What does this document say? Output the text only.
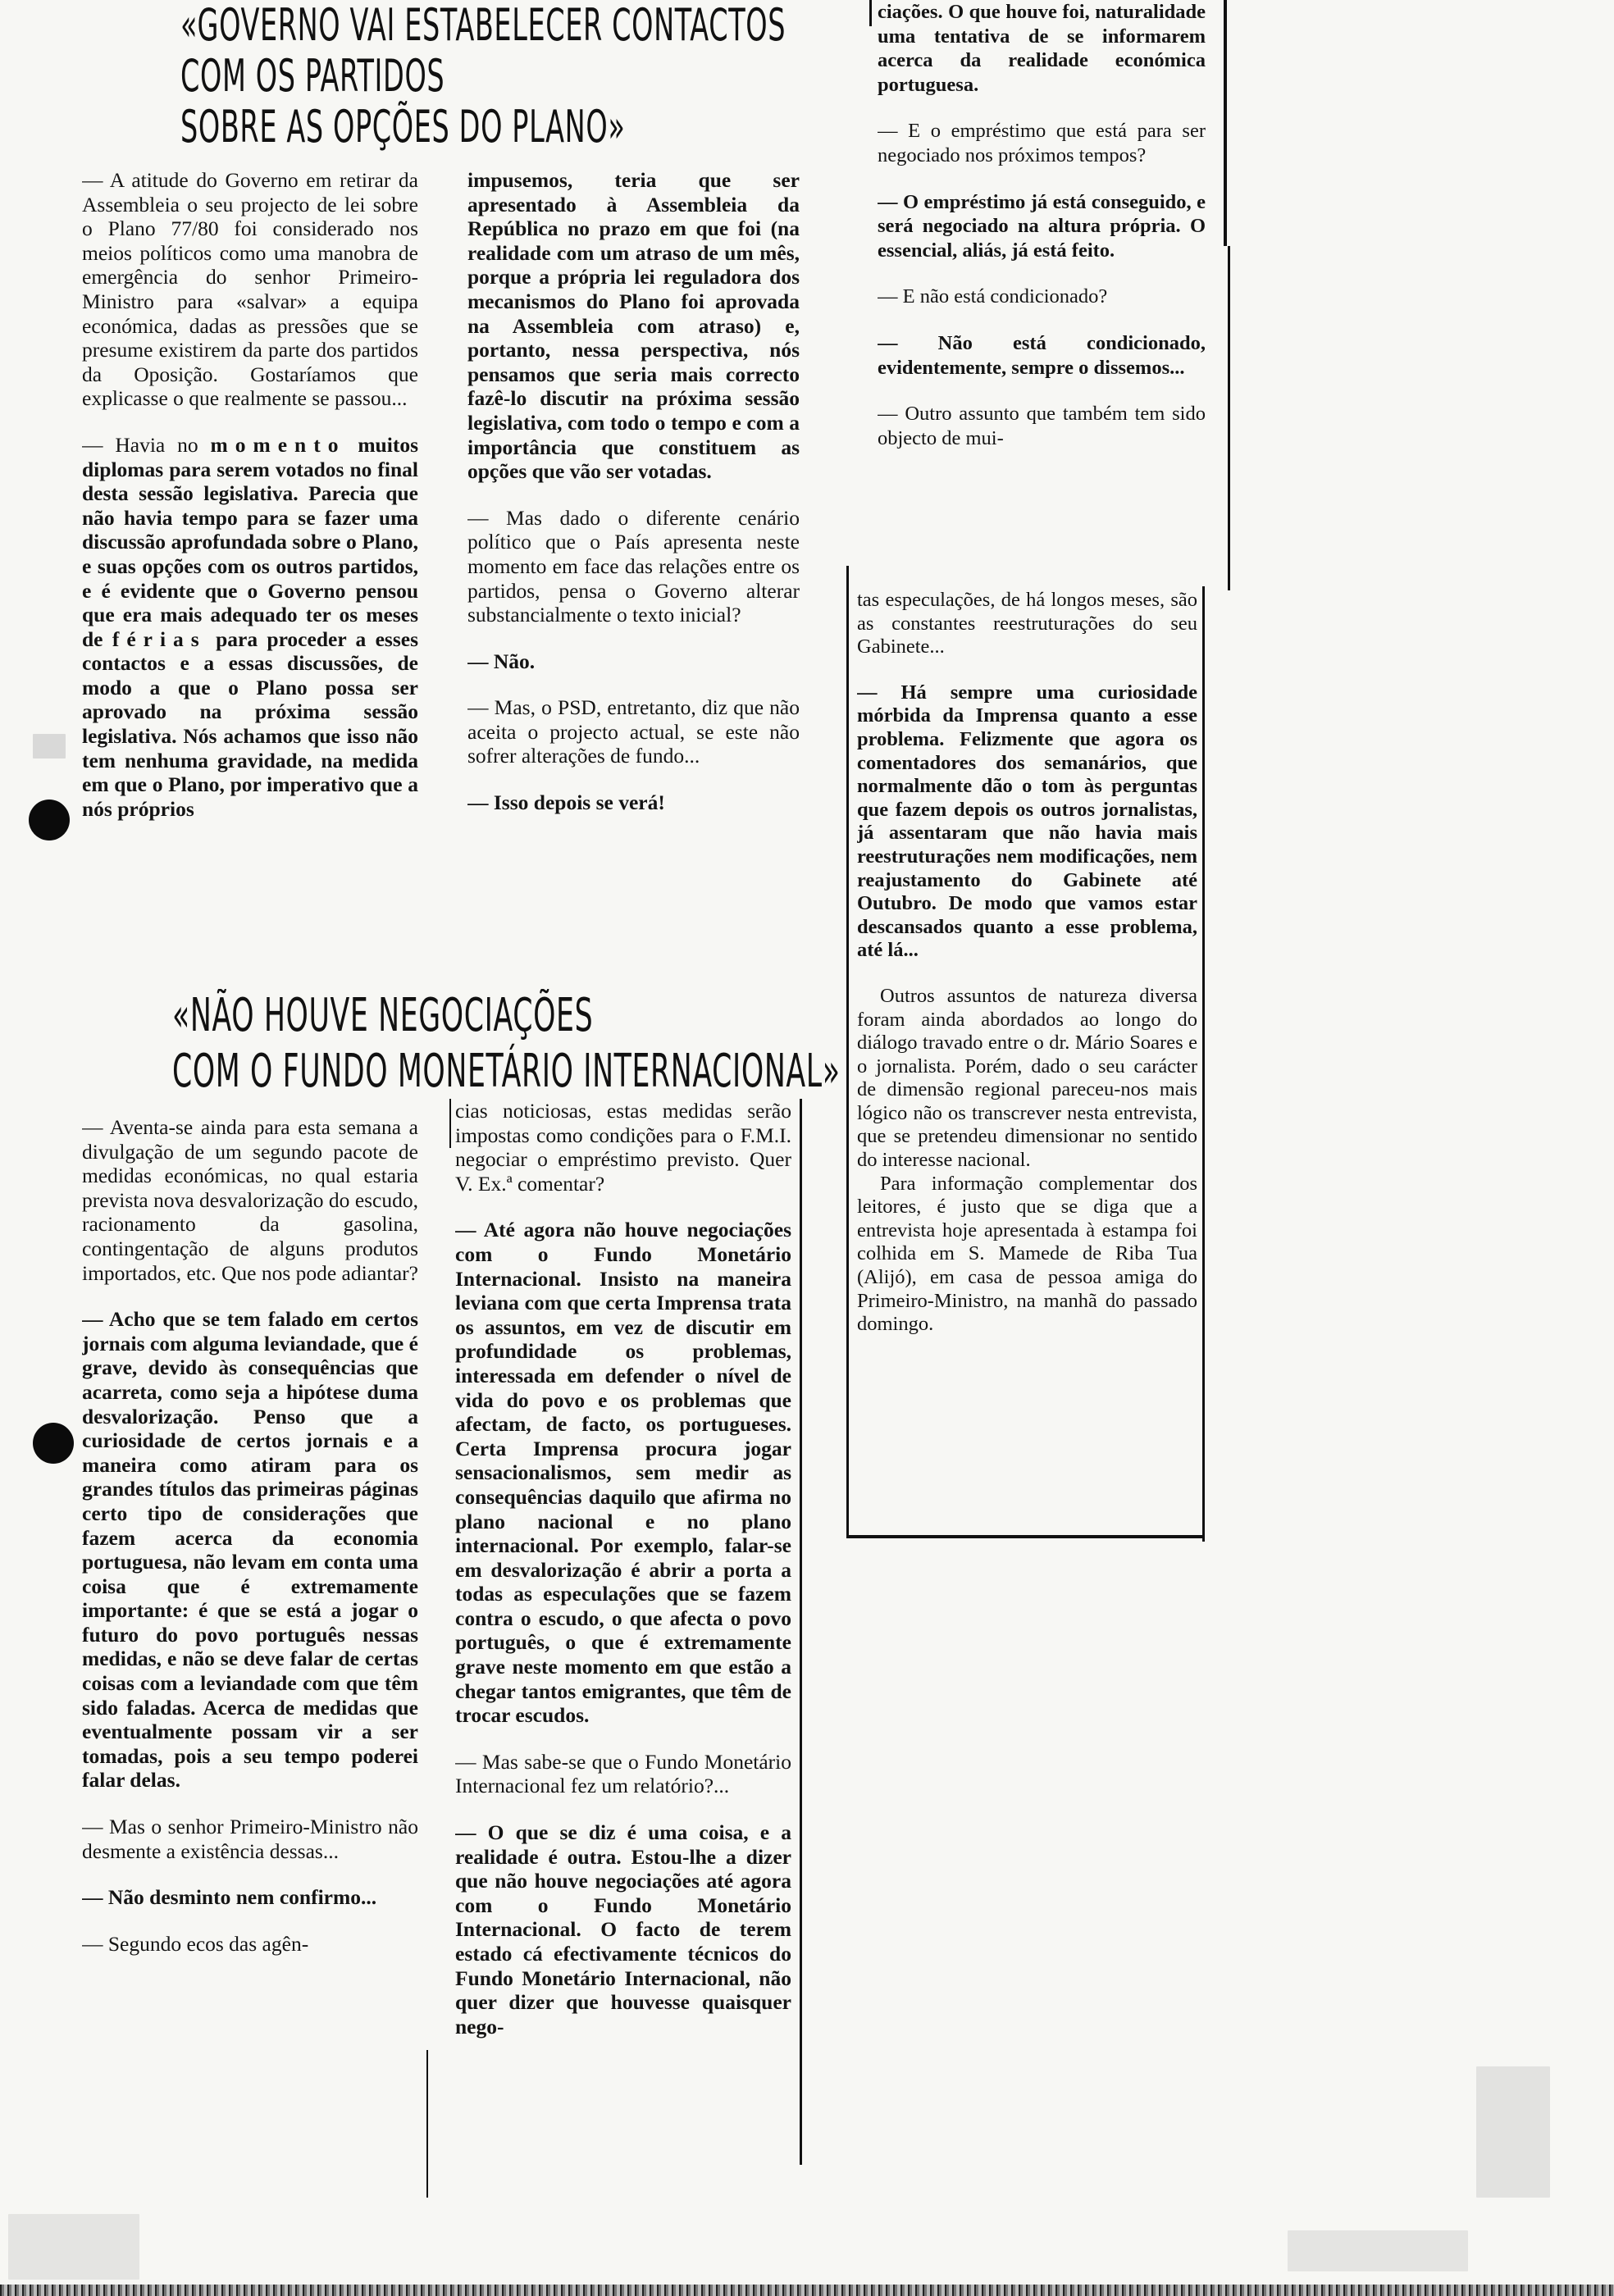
«GOVERNO VAI ESTABELECER CONTACTOS
COM OS PARTIDOS
SOBRE AS OPÇÕES DO PLANO»

— A atitude do Governo em retirar da Assembleia o seu projecto de lei sobre o Plano 77/80 foi considerado nos meios políticos como uma manobra de emergência do senhor Primeiro-Ministro para «salvar» a equipa económica, dadas as pressões que se presume existirem da parte dos partidos da Oposição. Gostaríamos que explicasse o que realmente se passou...

— Havia no momento muitos diplomas para serem votados no final desta sessão legislativa. Parecia que não havia tempo para se fazer uma discussão aprofundada sobre o Plano, e suas opções com os outros partidos, e é evidente que o Governo pensou que era mais adequado ter os meses de férias para proceder a esses contactos e a essas discussões, de modo a que o Plano possa ser aprovado na próxima sessão legislativa. Nós achamos que isso não tem nenhuma gravidade, na medida em que o Plano, por imperativo que a nós próprios

impusemos, teria que ser apresentado à Assembleia da República no prazo em que foi (na realidade com um atraso de um mês, porque a própria lei reguladora dos mecanismos do Plano foi aprovada na Assembleia com atraso) e, portanto, nessa perspectiva, nós pensamos que seria mais correcto fazê-lo discutir na próxima sessão legislativa, com todo o tempo e com a importância que constituem as opções que vão ser votadas.

— Mas dado o diferente cenário político que o País apresenta neste momento em face das relações entre os partidos, pensa o Governo alterar substancialmente o texto inicial?

— Não.

— Mas, o PSD, entretanto, diz que não aceita o projecto actual, se este não sofrer alterações de fundo...

— Isso depois se verá!

«NÃO HOUVE NEGOCIAÇÕES
COM O FUNDO MONETÁRIO INTERNACIONAL»

— Aventa-se ainda para esta semana a divulgação de um segundo pacote de medidas económicas, no qual estaria prevista nova desvalorização do escudo, racionamento da gasolina, contingentação de alguns produtos importados, etc. Que nos pode adiantar?

— Acho que se tem falado em certos jornais com alguma leviandade, que é grave, devido às consequências que acarreta, como seja a hipótese duma desvalorização. Penso que a curiosidade de certos jornais e a maneira como atiram para os grandes títulos das primeiras páginas certo tipo de considerações que fazem acerca da economia portuguesa, não levam em conta uma coisa que é extremamente importante: é que se está a jogar o futuro do povo português nessas medidas, e não se deve falar de certas coisas com a leviandade com que têm sido faladas. Acerca de medidas que eventualmente possam vir a ser tomadas, pois a seu tempo poderei falar delas.

— Mas o senhor Primeiro-Ministro não desmente a existência dessas...

— Não desminto nem confirmo...

— Segundo ecos das agên-

cias noticiosas, estas medidas serão impostas como condições para o F.M.I. negociar o empréstimo previsto. Quer V. Ex.ª comentar?

— Até agora não houve negociações com o Fundo Monetário Internacional. Insisto na maneira leviana com que certa Imprensa trata os assuntos, em vez de discutir em profundidade os problemas, interessada em defender o nível de vida do povo e os problemas que afectam, de facto, os portugueses. Certa Imprensa procura jogar sensacionalismos, sem medir as consequências daquilo que afirma no plano nacional e no plano internacional. Por exemplo, falar-se em desvalorização é abrir a porta a todas as especulações que se fazem contra o escudo, o que afecta o povo português, o que é extremamente grave neste momento em que estão a chegar tantos emigrantes, que têm de trocar escudos.

— Mas sabe-se que o Fundo Monetário Internacional fez um relatório?...

— O que se diz é uma coisa, e a realidade é outra. Estou-lhe a dizer que não houve negociações até agora com o Fundo Monetário Internacional. O facto de terem estado cá efectivamente técnicos do Fundo Monetário Internacional, não quer dizer que houvesse quaisquer nego-

ciações. O que houve foi, naturalidade uma tentativa de se informarem acerca da realidade económica portuguesa.

— E o empréstimo que está para ser negociado nos próximos tempos?

— O empréstimo já está conseguido, e será negociado na altura própria. O essencial, aliás, já está feito.

— E não está condicionado?

— Não está condicionado, evidentemente, sempre o dissemos...

— Outro assunto que também tem sido objecto de mui-

tas especulações, de há longos meses, são as constantes reestruturações do seu Gabinete...

— Há sempre uma curiosidade mórbida da Imprensa quanto a esse problema. Felizmente que agora os comentadores dos semanários, que normalmente dão o tom às perguntas que fazem depois os outros jornalistas, já assentaram que não havia mais reestruturações nem modificações, nem reajustamento do Gabinete até Outubro. De modo que vamos estar descansados quanto a esse problema, até lá...

Outros assuntos de natureza diversa foram ainda abordados ao longo do diálogo travado entre o dr. Mário Soares e o jornalista. Porém, dado o seu carácter de dimensão regional pareceu-nos mais lógico não os transcrever nesta entrevista, que se pretendeu dimensionar no sentido do interesse nacional.
Para informação complementar dos leitores, é justo que se diga que a entrevista hoje apresentada à estampa foi colhida em S. Mamede de Riba Tua (Alijó), em casa de pessoa amiga do Primeiro-Ministro, na manhã do passado domingo.
